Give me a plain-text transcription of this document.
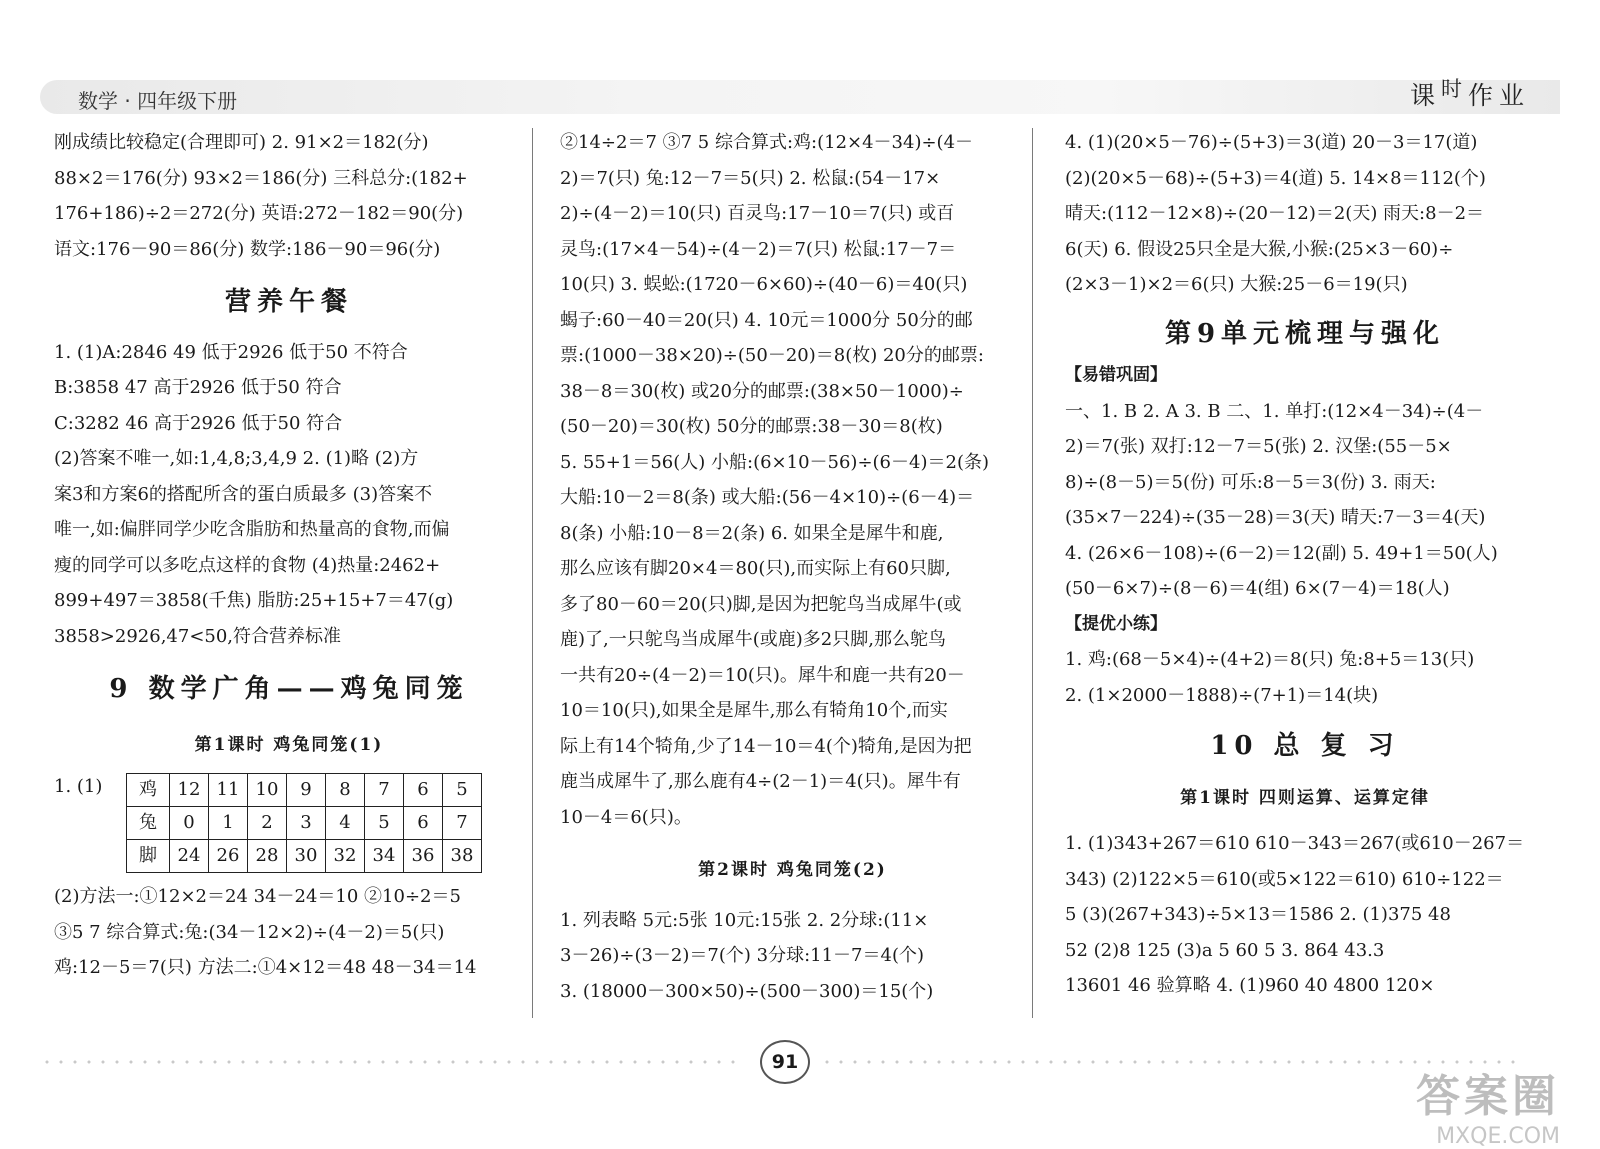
数学 · 四年级下册	课时作业

刚成绩比较稳定(合理即可) 2. 91×2＝182(分)

88×2＝176(分) 93×2＝186(分) 三科总分:(182+

176+186)÷2＝272(分) 英语:272－182＝90(分)

语文:176－90＝86(分) 数学:186－90＝96(分)

营养午餐

1. (1)A:2846 49 低于2926 低于50 不符合

B:3858 47 高于2926 低于50 符合

C:3282 46 高于2926 低于50 符合

(2)答案不唯一,如:1,4,8;3,4,9 2. (1)略 (2)方

案3和方案6的搭配所含的蛋白质最多 (3)答案不

唯一,如:偏胖同学少吃含脂肪和热量高的食物,而偏

瘦的同学可以多吃点这样的食物 (4)热量:2462+

899+497＝3858(千焦) 脂肪:25+15+7＝47(g)

3858>2926,47<50,符合营养标准

9 数学广角——鸡兔同笼

第1课时 鸡兔同笼(1)

1. (1)	鸡	12	11	10	9	8	7	6	5
兔	0	1	2	3	4	5	6	7
脚	24	26	28	30	32	34	36	38

(2)方法一:①12×2＝24 34－24＝10 ②10÷2＝5

③5 7 综合算式:兔:(34－12×2)÷(4－2)＝5(只)

鸡:12－5＝7(只) 方法二:①4×12＝48 48－34＝14

②14÷2＝7 ③7 5 综合算式:鸡:(12×4－34)÷(4－

2)＝7(只) 兔:12－7＝5(只) 2. 松鼠:(54－17×

2)÷(4－2)＝10(只) 百灵鸟:17－10＝7(只) 或百

灵鸟:(17×4－54)÷(4－2)＝7(只) 松鼠:17－7＝

10(只) 3. 蜈蚣:(1720－6×60)÷(40－6)＝40(只)

蝎子:60－40＝20(只) 4. 10元＝1000分 50分的邮

票:(1000－38×20)÷(50－20)＝8(枚) 20分的邮票:

38－8＝30(枚) 或20分的邮票:(38×50－1000)÷

(50－20)＝30(枚) 50分的邮票:38－30＝8(枚)

5. 55+1＝56(人) 小船:(6×10－56)÷(6－4)＝2(条)

大船:10－2＝8(条) 或大船:(56－4×10)÷(6－4)＝

8(条) 小船:10－8＝2(条) 6. 如果全是犀牛和鹿,

那么应该有脚20×4＝80(只),而实际上有60只脚,

多了80－60＝20(只)脚,是因为把鸵鸟当成犀牛(或

鹿)了,一只鸵鸟当成犀牛(或鹿)多2只脚,那么鸵鸟

一共有20÷(4－2)＝10(只)。犀牛和鹿一共有20－

10＝10(只),如果全是犀牛,那么有犄角10个,而实

际上有14个犄角,少了14－10＝4(个)犄角,是因为把

鹿当成犀牛了,那么鹿有4÷(2－1)＝4(只)。犀牛有

10－4＝6(只)。

第2课时 鸡兔同笼(2)

1. 列表略 5元:5张 10元:15张 2. 2分球:(11×

3－26)÷(3－2)＝7(个) 3分球:11－7＝4(个)

3. (18000－300×50)÷(500－300)＝15(个)

4. (1)(20×5－76)÷(5+3)＝3(道) 20－3＝17(道)

(2)(20×5－68)÷(5+3)＝4(道) 5. 14×8＝112(个)

晴天:(112－12×8)÷(20－12)＝2(天) 雨天:8－2＝

6(天) 6. 假设25只全是大猴,小猴:(25×3－60)÷

(2×3－1)×2＝6(只) 大猴:25－6＝19(只)

第9单元梳理与强化

【易错巩固】

一、1. B 2. A 3. B 二、1. 单打:(12×4－34)÷(4－

2)＝7(张) 双打:12－7＝5(张) 2. 汉堡:(55－5×

8)÷(8－5)＝5(份) 可乐:8－5＝3(份) 3. 雨天:

(35×7－224)÷(35－28)＝3(天) 晴天:7－3＝4(天)

4. (26×6－108)÷(6－2)＝12(副) 5. 49+1＝50(人)

(50－6×7)÷(8－6)＝4(组) 6×(7－4)＝18(人)

【提优小练】

1. 鸡:(68－5×4)÷(4+2)＝8(只) 兔:8+5＝13(只)

2. (1×2000－1888)÷(7+1)＝14(块)

10 总 复 习

第1课时 四则运算、运算定律

1. (1)343+267＝610 610－343＝267(或610－267＝

343) (2)122×5＝610(或5×122＝610) 610÷122＝

5 (3)(267+343)÷5×13＝1586 2. (1)375 48

52 (2)8 125 (3)a 5 60 5 3. 864 43.3

13601 46 验算略 4. (1)960 40 4800 120×

91
答案圈
MXQE.COM
